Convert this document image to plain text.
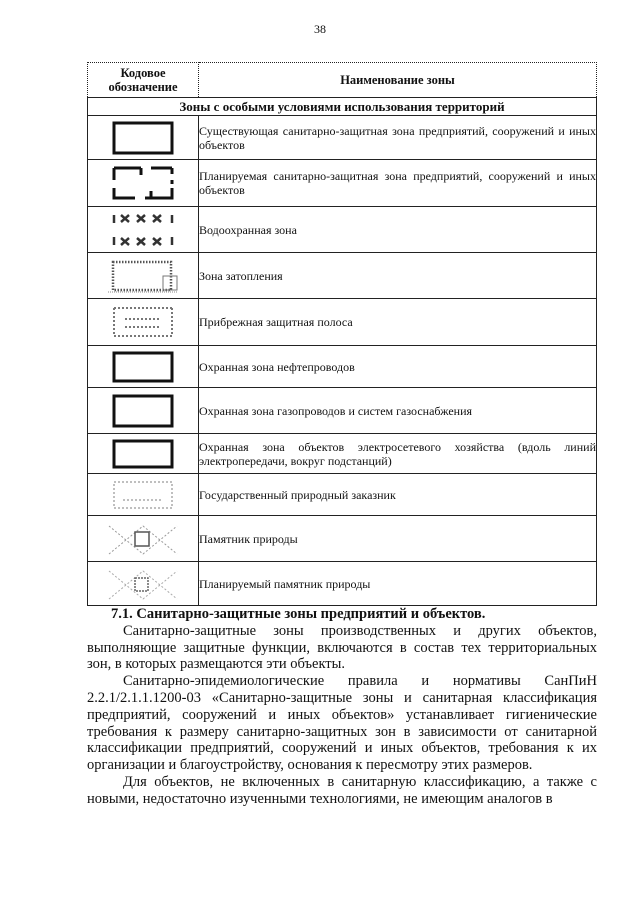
38
Кодовое обозначение	Наименование зоны
Зоны с особыми условиями использования территорий	

	Существующая санитарно-защитная зона предприятий, сооружений и иных объектов

	Планируемая санитарно-защитная зона предприятий, сооружений и иных объектов

	Водоохранная зона

	Зона затопления

	Прибрежная защитная полоса

	Охранная зона нефтепроводов

	Охранная зона газопроводов и систем газоснабжения

	Охранная зона объектов электросетевого хозяйства (вдоль линий электропередачи, вокруг подстанций)

	Государственный природный заказник

	Памятник природы

	Планируемый памятник природы
7.1. Санитарно-защитные зоны предприятий и объектов.

Санитарно-защитные зоны производственных и других объектов, выполняющие защитные функции, включаются в состав тех территориальных зон, в которых размещаются эти объекты.

Санитарно-эпидемиологические правила и нормативы СанПиН 2.2.1/2.1.1.1200-03 «Санитарно-защитные зоны и санитарная классификация предприятий, сооружений и иных объектов» устанавливает гигиенические требования к размеру санитарно-защитных зон в зависимости от санитарной классификации предприятий, сооружений и иных объектов, требования к их организации и благоустройству, основания к пересмотру этих размеров.

Для объектов, не включенных в санитарную классификацию, а также с новыми, недостаточно изученными технологиями, не имеющим аналогов в
